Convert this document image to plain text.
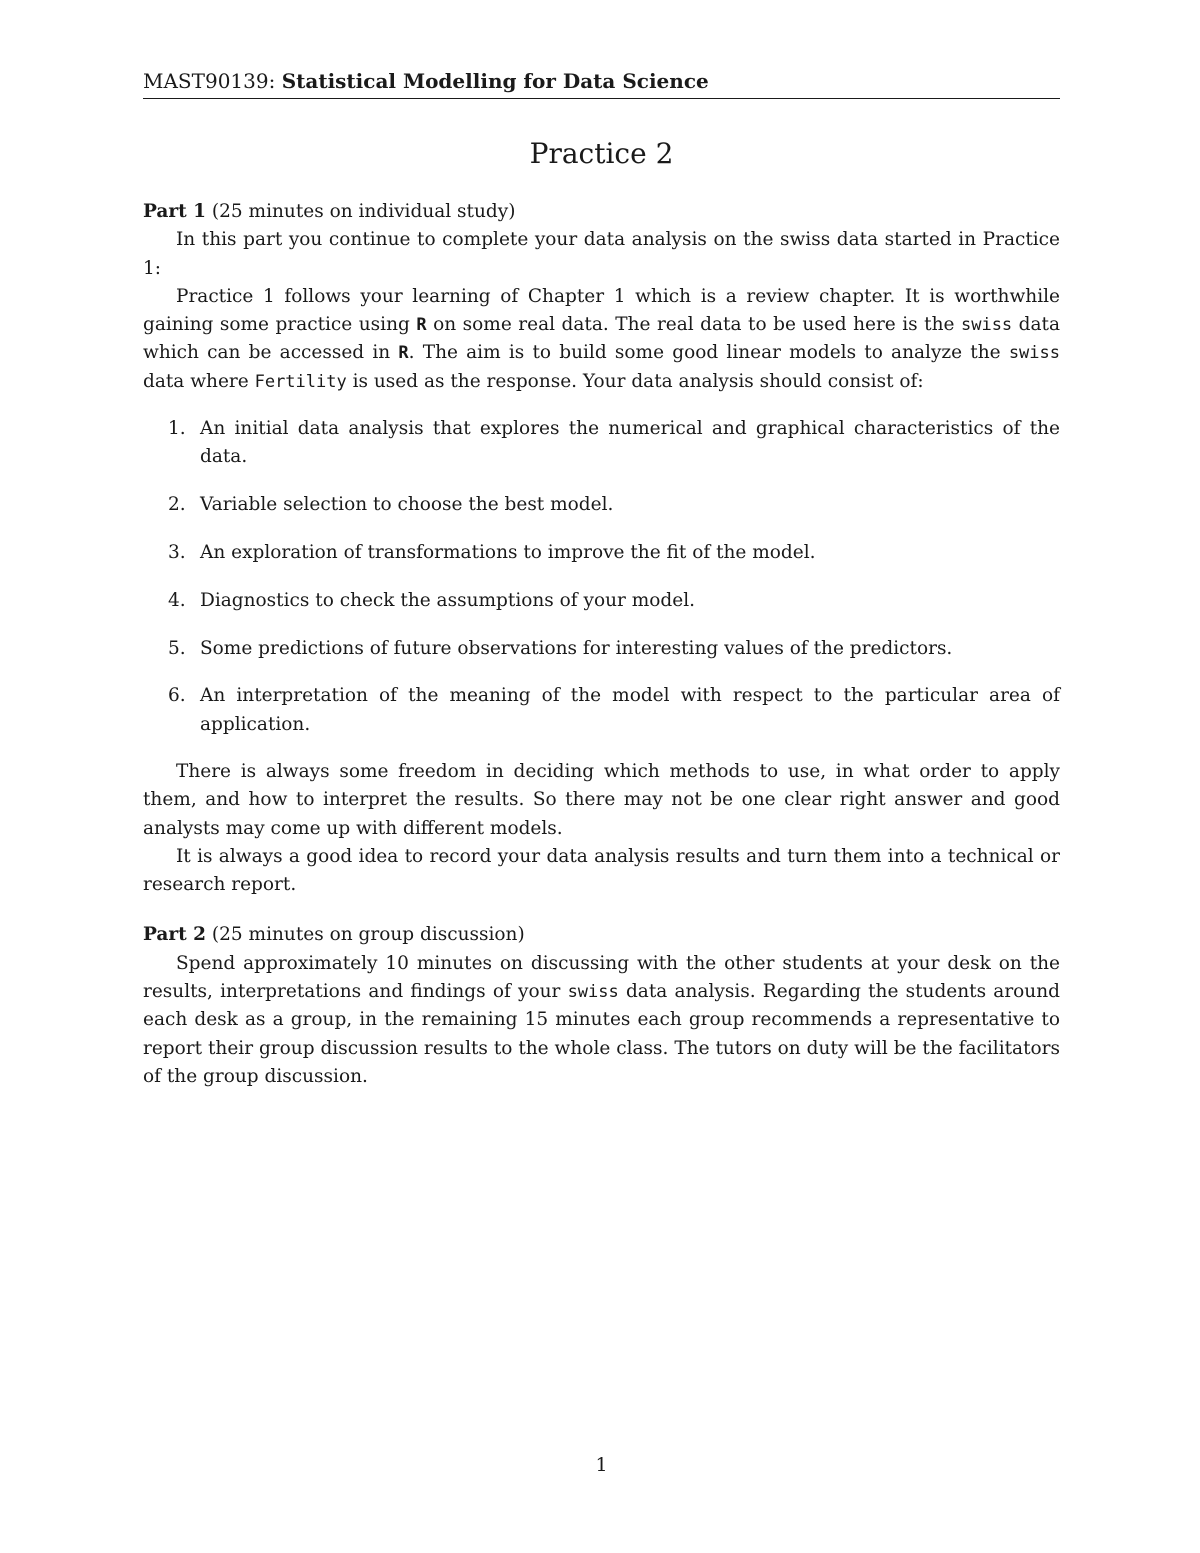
MAST90139: Statistical Modelling for Data Science
Practice 2

Part 1 (25 minutes on individual study)

In this part you continue to complete your data analysis on the swiss data started in Practice 1:

Practice 1 follows your learning of Chapter 1 which is a review chapter. It is worthwhile gaining some practice using R on some real data. The real data to be used here is the swiss data which can be accessed in R. The aim is to build some good linear models to analyze the swiss data where Fertility is used as the response. Your data analysis should consist of:

1. An initial data analysis that explores the numerical and graphical characteristics of the data.
2. Variable selection to choose the best model.
3. An exploration of transformations to improve the fit of the model.
4. Diagnostics to check the assumptions of your model.
5. Some predictions of future observations for interesting values of the predictors.
6. An interpretation of the meaning of the model with respect to the particular area of application.

There is always some freedom in deciding which methods to use, in what order to apply them, and how to interpret the results. So there may not be one clear right answer and good analysts may come up with different models.

It is always a good idea to record your data analysis results and turn them into a technical or research report.

Part 2 (25 minutes on group discussion)

Spend approximately 10 minutes on discussing with the other students at your desk on the results, interpretations and findings of your swiss data analysis. Regarding the students around each desk as a group, in the remaining 15 minutes each group recommends a representative to report their group discussion results to the whole class. The tutors on duty will be the facilitators of the group discussion.

1
